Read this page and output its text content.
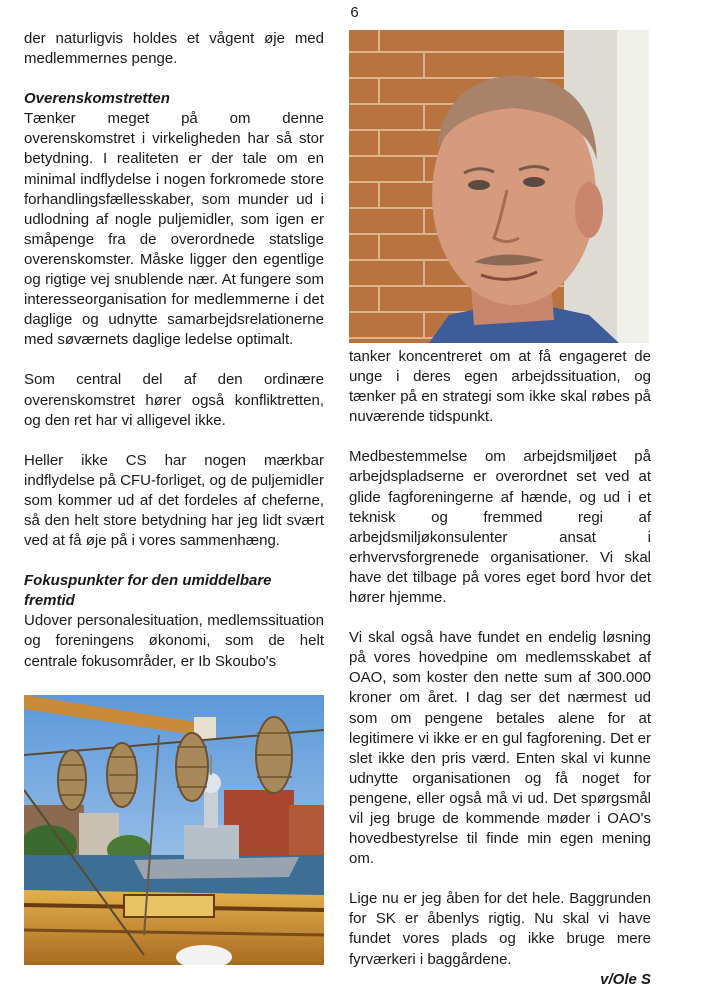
6

der naturligvis holdes et vågent øje med medlemmernes penge.

Overenskomstretten

Tænker meget på om denne overenskomstret i virkeligheden har så stor betydning. I realiteten er der tale om en minimal indflydelse i nogen forkromede store forhandlingsfællesskaber, som munder ud i udlodning af nogle puljemidler, som igen er småpenge fra de overordnede statslige overenskomster. Måske ligger den egentlige og rigtige vej snublende nær. At fungere som interesseorganisation for medlemmerne i det daglige og udnytte samarbejdsrelationerne med søværnets daglige ledelse optimalt.

Som central del af den ordinære overenskomstret hører også konfliktretten, og den ret har vi alligevel ikke.

Heller ikke CS har nogen mærkbar indflydelse på CFU-forliget, og de puljemidler som kommer ud af det fordeles af cheferne, så den helt store betydning har jeg lidt svært ved at få øje på i vores sammenhæng.

Fokuspunkter for den umiddelbare fremtid

Udover personalesituation, medlemssituation og foreningens økonomi, som de helt centrale fokusområder, er Ib Skoubo's

tanker koncentreret om at få engageret de unge i deres egen arbejdssituation, og tænker på en strategi som ikke skal røbes på nuværende tidspunkt.

Medbestemmelse om arbejdsmiljøet på arbejdspladserne er overordnet set ved at glide fagforeningerne af hænde, og ud i et teknisk og fremmed regi af arbejdsmiljøkonsulenter ansat i erhvervsforgrenede organisationer. Vi skal have det tilbage på vores eget bord hvor det hører hjemme.

Vi skal også have fundet en endelig løsning på vores hovedpine om medlemsskabet af OAO, som koster den nette sum af 300.000 kroner om året. I dag ser det nærmest ud som om pengene betales alene for at legitimere vi ikke er en gul fagforening. Det er slet ikke den pris værd. Enten skal vi kunne udnytte organisationen og få noget for pengene, eller også må vi ud. Det spørgsmål vil jeg bruge de kommende møder i OAO's hovedbestyrelse til finde min egen mening om.

Lige nu er jeg åben for det hele. Baggrunden for SK er åbenlys rigtig. Nu skal vi have fundet vores plads og ikke bruge mere fyrværkeri i baggårdene.

v/Ole S
